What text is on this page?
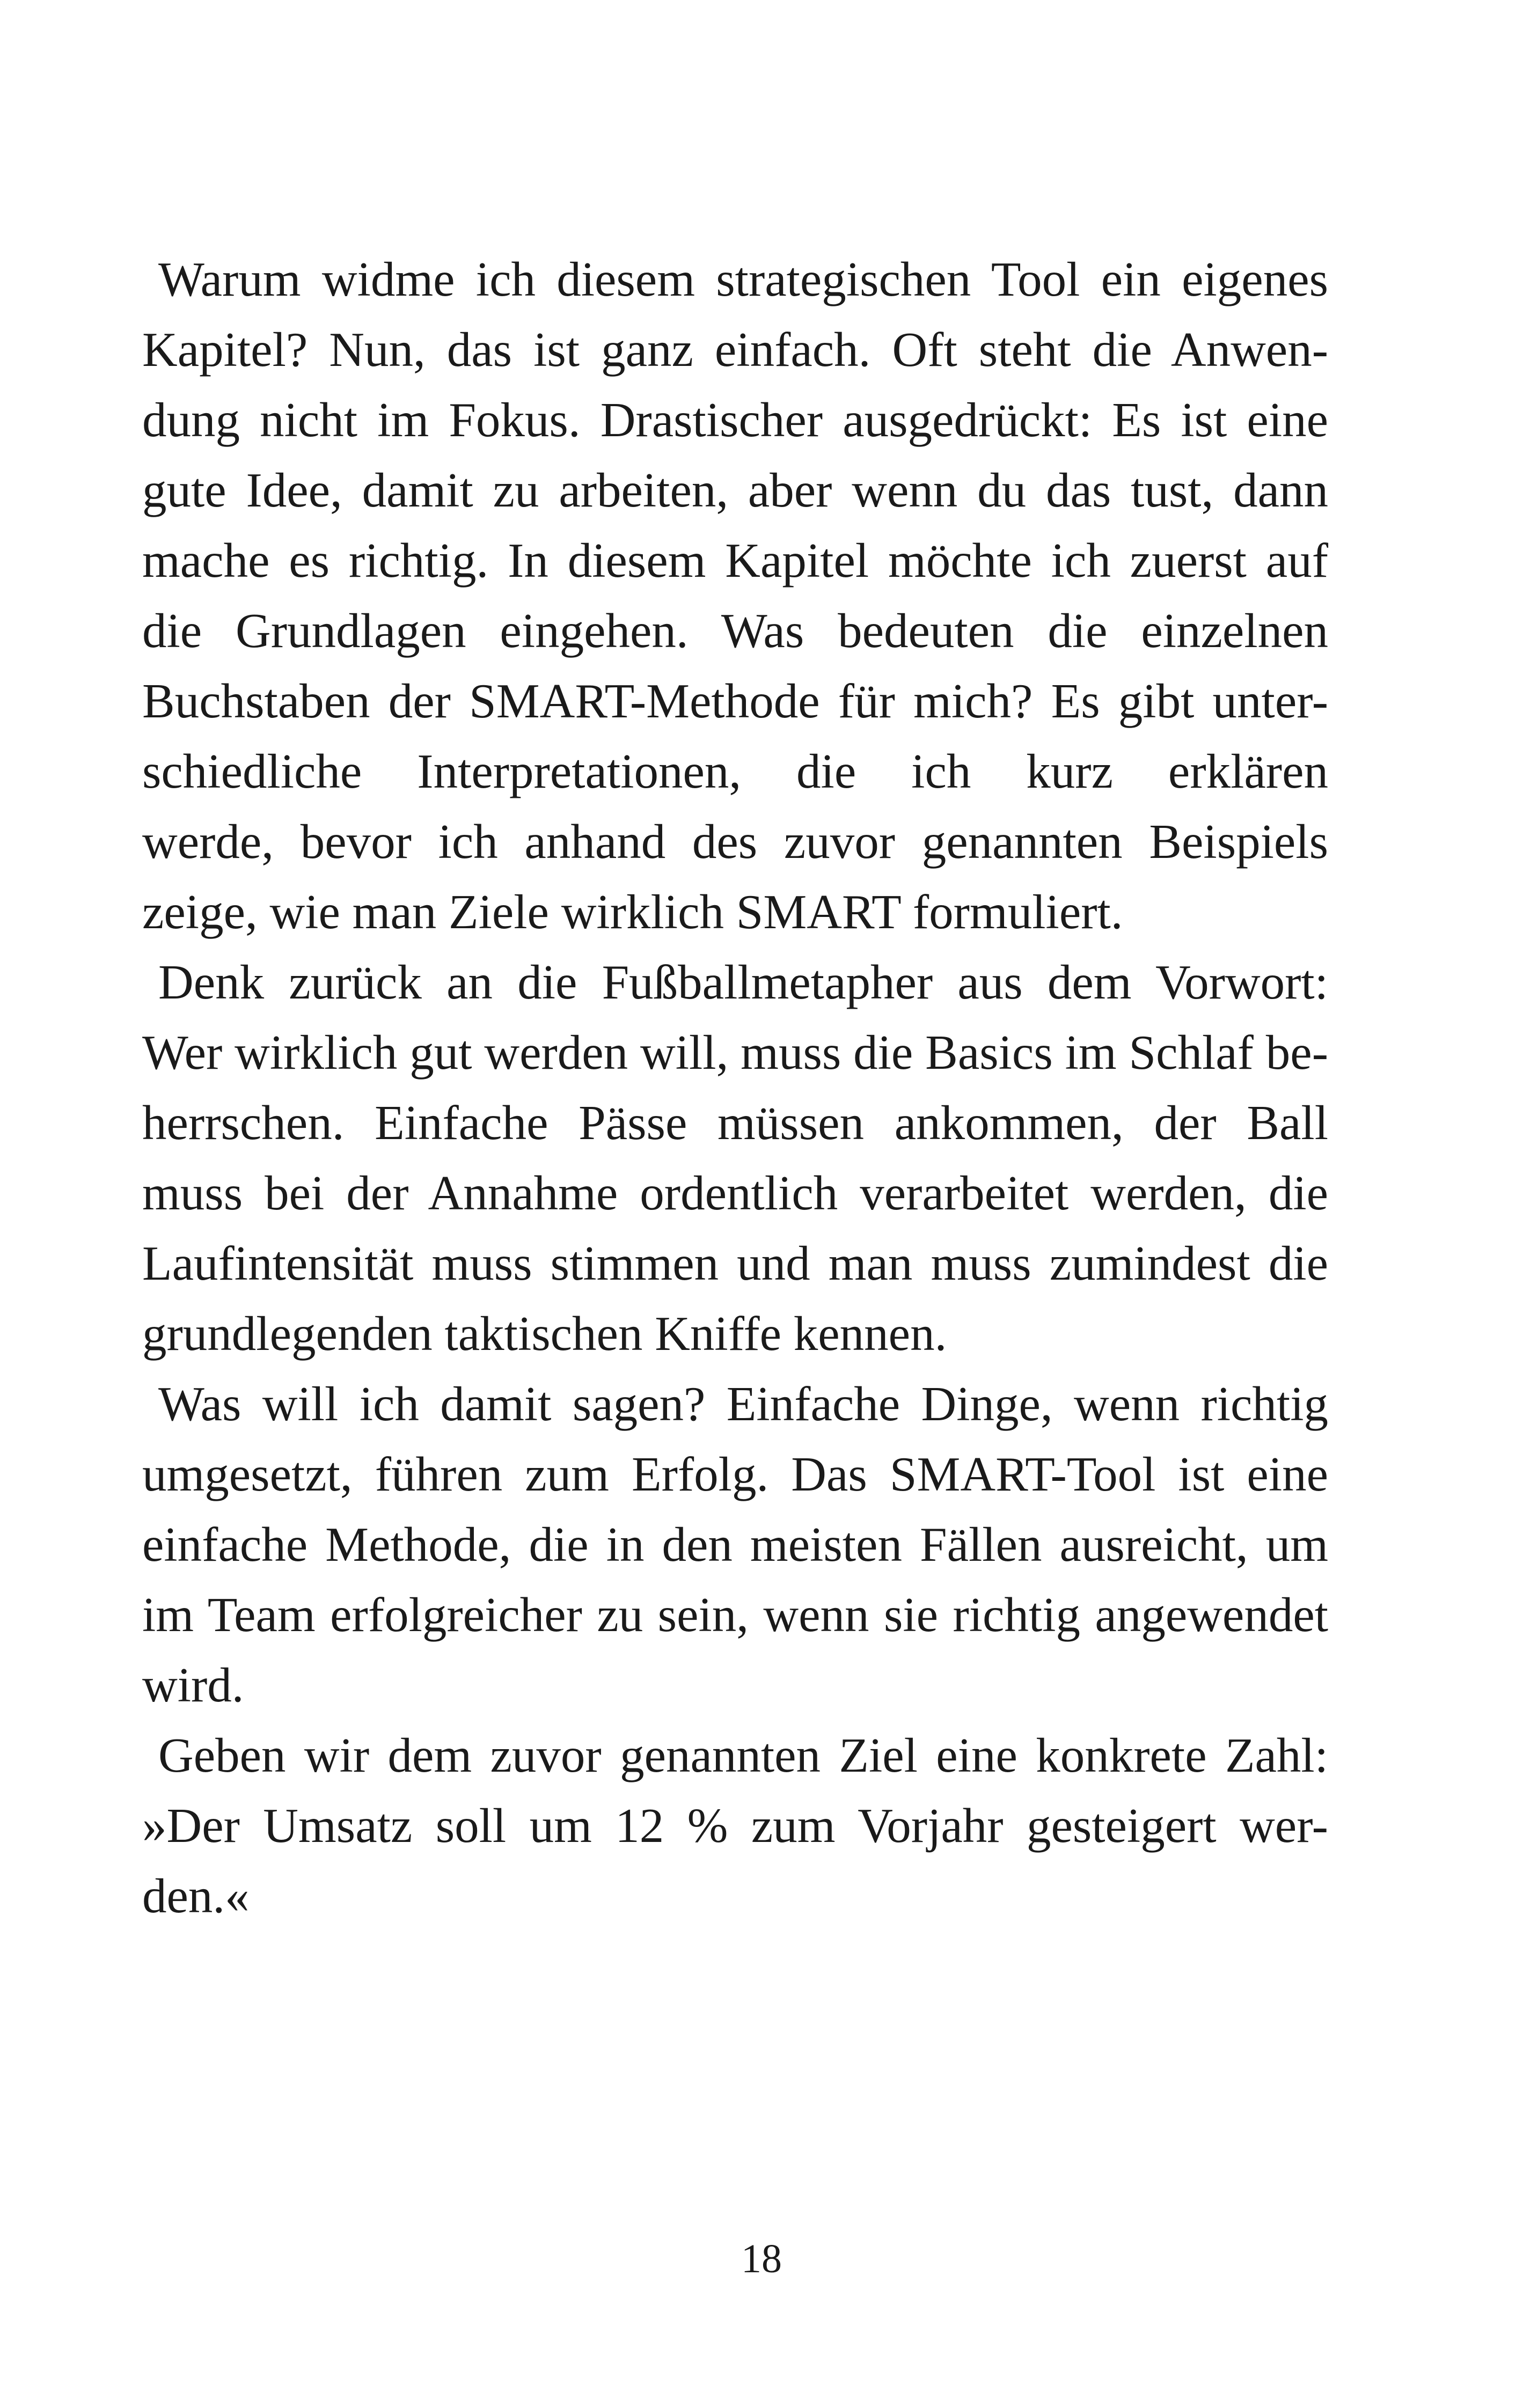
Warum widme ich diesem strategischen Tool ein eigenes
Kapitel? Nun, das ist ganz einfach. Oft steht die Anwen-
dung nicht im Fokus. Drastischer ausgedrückt: Es ist eine
gute Idee, damit zu arbeiten, aber wenn du das tust, dann
mache es richtig. In diesem Kapitel möchte ich zuerst auf
die Grundlagen eingehen. Was bedeuten die einzelnen
Buchstaben der SMART-Methode für mich? Es gibt unter-
schiedliche Interpretationen, die ich kurz erklären
werde, bevor ich anhand des zuvor genannten Beispiels
zeige, wie man Ziele wirklich SMART formuliert.

Denk zurück an die Fußballmetapher aus dem Vorwort:
Wer wirklich gut werden will, muss die Basics im Schlaf be-
herrschen. Einfache Pässe müssen ankommen, der Ball
muss bei der Annahme ordentlich verarbeitet werden, die
Laufintensität muss stimmen und man muss zumindest die
grundlegenden taktischen Kniffe kennen.

Was will ich damit sagen? Einfache Dinge, wenn richtig
umgesetzt, führen zum Erfolg. Das SMART-Tool ist eine
einfache Methode, die in den meisten Fällen ausreicht, um
im Team erfolgreicher zu sein, wenn sie richtig angewendet
wird.

Geben wir dem zuvor genannten Ziel eine konkrete Zahl:
»Der Umsatz soll um 12 % zum Vorjahr gesteigert wer-
den.«

18
